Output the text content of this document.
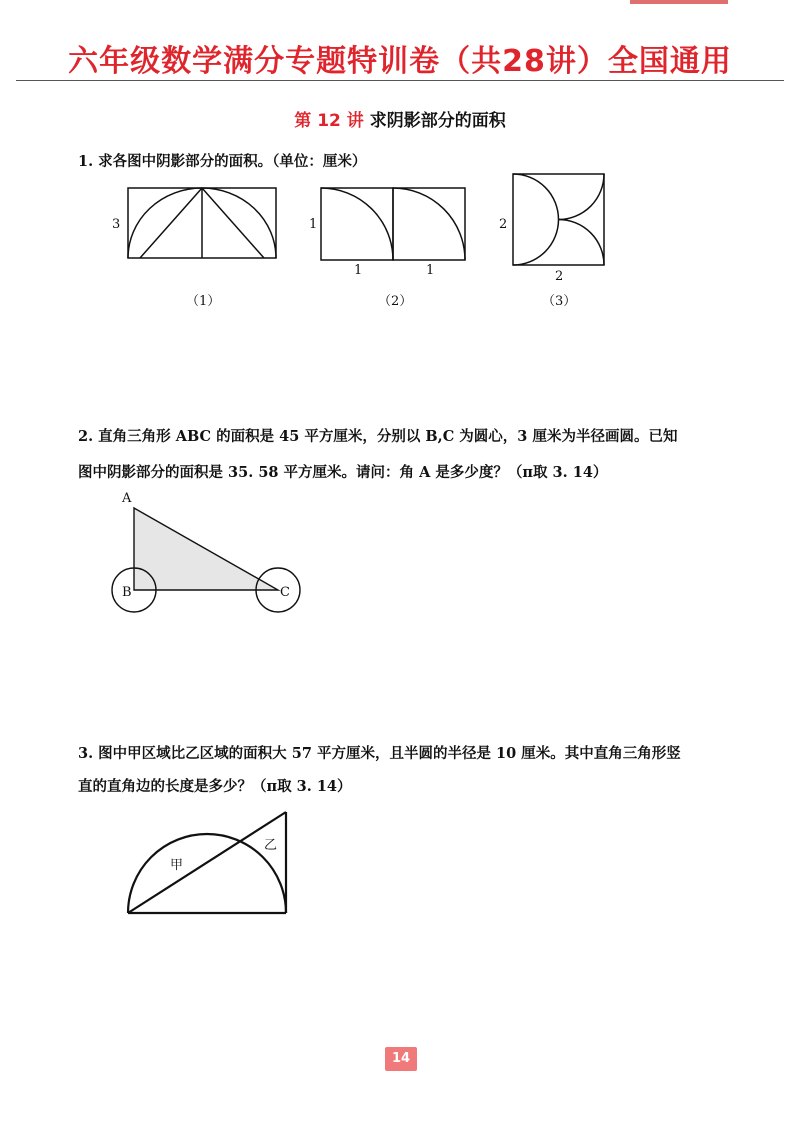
六年级数学满分专题特训卷（共28讲）全国通用
第 12 讲 求阴影部分的面积
1. 求各图中阴影部分的面积。（单位：厘米）
3
（1）
1
1	1
（2）
2
2
（3）
A
B	C
甲
乙
2. 直角三角形 ABC 的面积是 45 平方厘米，分别以 B,C 为圆心，3 厘米为半径画圆。已知
图中阴影部分的面积是 35. 58 平方厘米。请问：角 A 是多少度？（π取 3. 14）
3. 图中甲区域比乙区域的面积大 57 平方厘米，且半圆的半径是 10 厘米。其中直角三角形竖
直的直角边的长度是多少？（π取 3. 14）
14
